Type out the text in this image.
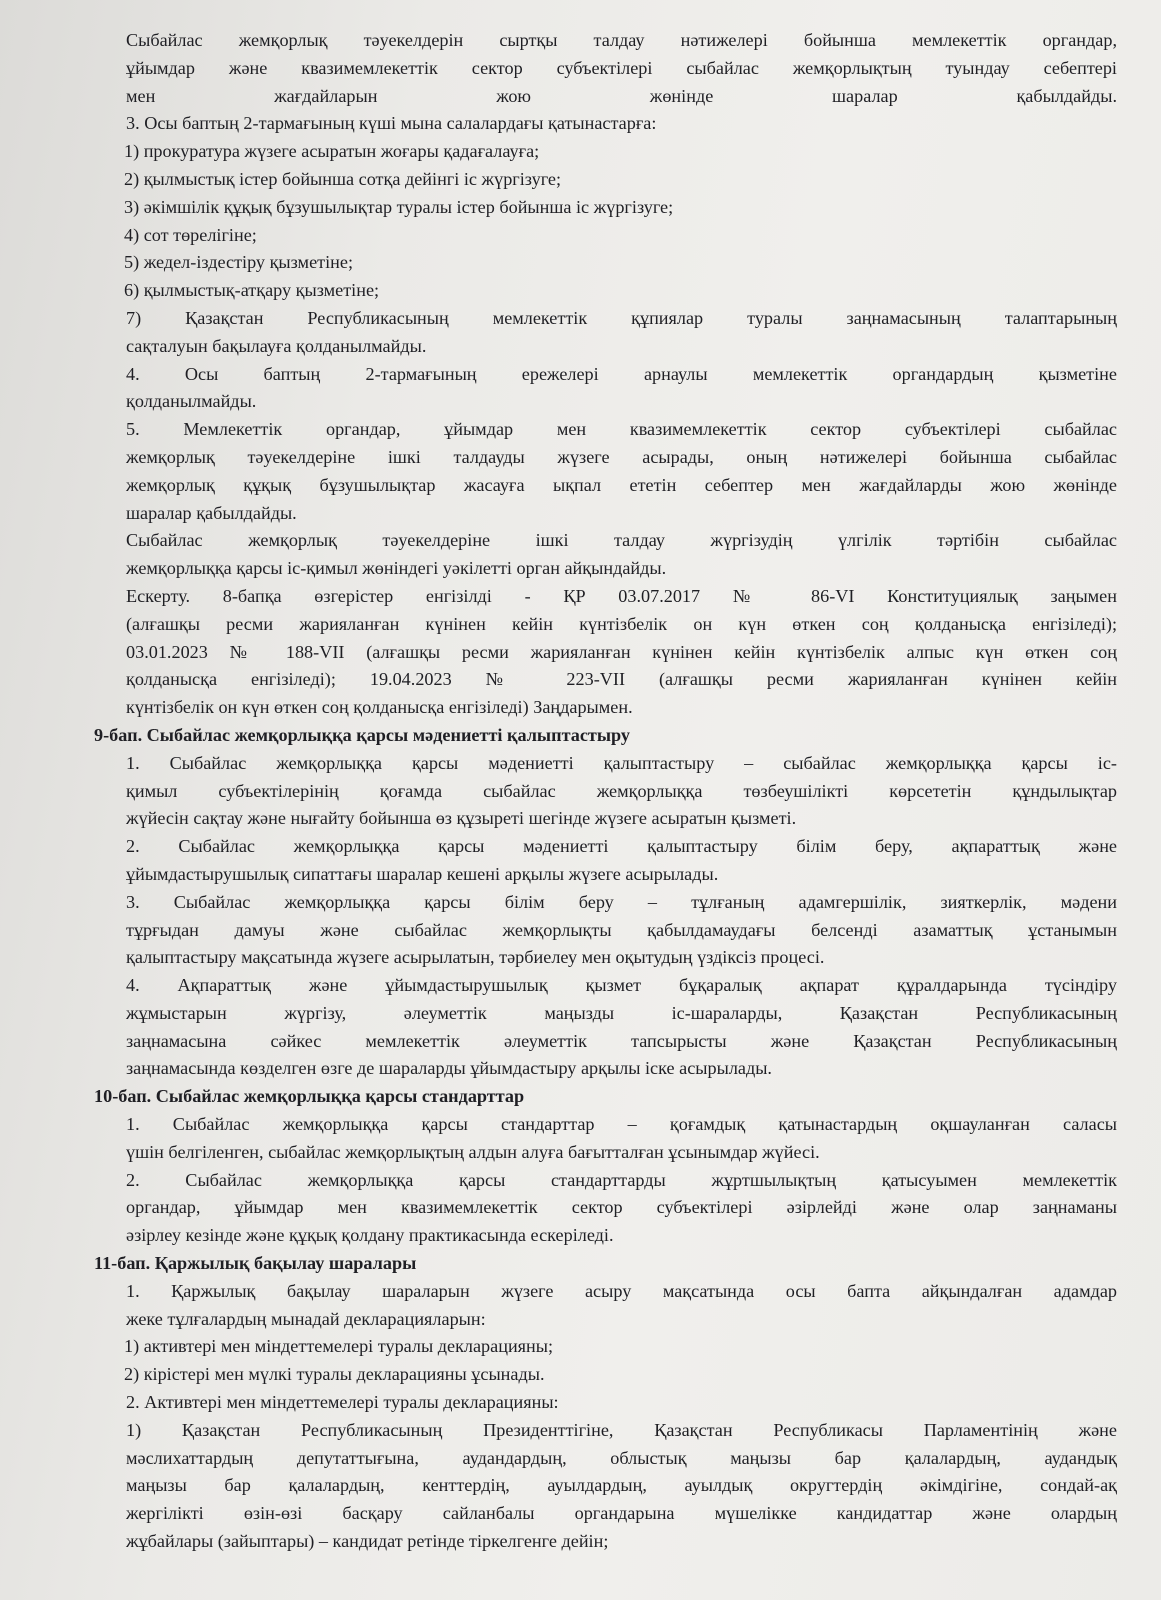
Сыбайлас жемқорлық тәуекелдерін сыртқы талдау нәтижелері бойынша мемлекеттік органдар,
ұйымдар және квазимемлекеттік сектор субъектілері сыбайлас жемқорлықтың туындау себептері
мен жағдайларын жою жөнінде шаралар қабылдайды.

3. Осы баптың 2-тармағының күші мына салалардағы қатынастарға:

1) прокуратура жүзеге асыратын жоғары қадағалауға;

2) қылмыстық істер бойынша сотқа дейінгі іс жүргізуге;

3) әкімшілік құқық бұзушылықтар туралы істер бойынша іс жүргізуге;

4) сот төрелігіне;

5) жедел-іздестіру қызметіне;

6) қылмыстық-атқару қызметіне;

7) Қазақстан Республикасының мемлекеттік құпиялар туралы заңнамасының талаптарының
сақталуын бақылауға қолданылмайды.

4. Осы баптың 2-тармағының ережелері арнаулы мемлекеттік органдардың қызметіне
қолданылмайды.

5. Мемлекеттік органдар, ұйымдар мен квазимемлекеттік сектор субъектілері сыбайлас
жемқорлық тәуекелдеріне ішкі талдауды жүзеге асырады, оның нәтижелері бойынша сыбайлас
жемқорлық құқық бұзушылықтар жасауға ықпал ететін себептер мен жағдайларды жою жөнінде
шаралар қабылдайды.

Сыбайлас жемқорлық тәуекелдеріне ішкі талдау жүргізудің үлгілік тәртібін сыбайлас
жемқорлыққа қарсы іс-қимыл жөніндегі уәкілетті орган айқындайды.

Ескерту. 8-бапқа өзгерістер енгізілді - ҚР 03.07.2017 № 86-VI Конституциялық заңымен
(алғашқы ресми жарияланған күнінен кейін күнтізбелік он күн өткен соң қолданысқа енгізіледі);
03.01.2023 № 188-VII (алғашқы ресми жарияланған күнінен кейін күнтізбелік алпыс күн өткен соң
қолданысқа енгізіледі); 19.04.2023 № 223-VII (алғашқы ресми жарияланған күнінен кейін
күнтізбелік он күн өткен соң қолданысқа енгізіледі) Заңдарымен.

9-бап. Сыбайлас жемқорлыққа қарсы мәдениетті қалыптастыру

1. Сыбайлас жемқорлыққа қарсы мәдениетті қалыптастыру – сыбайлас жемқорлыққа қарсы іс-
қимыл субъектілерінің қоғамда сыбайлас жемқорлыққа төзбеушілікті көрсететін құндылықтар
жүйесін сақтау және нығайту бойынша өз құзыреті шегінде жүзеге асыратын қызметі.

2. Сыбайлас жемқорлыққа қарсы мәдениетті қалыптастыру білім беру, ақпараттық және
ұйымдастырушылық сипаттағы шаралар кешені арқылы жүзеге асырылады.

3. Сыбайлас жемқорлыққа қарсы білім беру – тұлғаның адамгершілік, зияткерлік, мәдени
тұрғыдан дамуы және сыбайлас жемқорлықты қабылдамаудағы белсенді азаматтық ұстанымын
қалыптастыру мақсатында жүзеге асырылатын, тәрбиелеу мен оқытудың үздіксіз процесі.

4. Ақпараттық және ұйымдастырушылық қызмет бұқаралық ақпарат құралдарында түсіндіру
жұмыстарын жүргізу, әлеуметтік маңызды іс-шараларды, Қазақстан Республикасының
заңнамасына сәйкес мемлекеттік әлеуметтік тапсырысты және Қазақстан Республикасының
заңнамасында көзделген өзге де шараларды ұйымдастыру арқылы іске асырылады.

10-бап. Сыбайлас жемқорлыққа қарсы стандарттар

1. Сыбайлас жемқорлыққа қарсы стандарттар – қоғамдық қатынастардың оқшауланған саласы
үшін белгіленген, сыбайлас жемқорлықтың алдын алуға бағытталған ұсынымдар жүйесі.

2. Сыбайлас жемқорлыққа қарсы стандарттарды жұртшылықтың қатысуымен мемлекеттік
органдар, ұйымдар мен квазимемлекеттік сектор субъектілері әзірлейді және олар заңнаманы
әзірлеу кезінде және құқық қолдану практикасында ескеріледі.

11-бап. Қаржылық бақылау шаралары

1. Қаржылық бақылау шараларын жүзеге асыру мақсатында осы бапта айқындалған адамдар
жеке тұлғалардың мынадай декларацияларын:

1) активтері мен міндеттемелері туралы декларацияны;

2) кірістері мен мүлкі туралы декларацияны ұсынады.

2. Активтері мен міндеттемелері туралы декларацияны:

1) Қазақстан Республикасының Президенттігіне, Қазақстан Республикасы Парламентінің және
мәслихаттардың депутаттығына, аудандардың, облыстық маңызы бар қалалардың, аудандық
маңызы бар қалалардың, кенттердің, ауылдардың, ауылдық округтердің әкімдігіне, сондай-ақ
жергілікті өзін-өзі басқару сайланбалы органдарына мүшелікке кандидаттар және олардың
жұбайлары (зайыптары) – кандидат ретінде тіркелгенге дейін;
